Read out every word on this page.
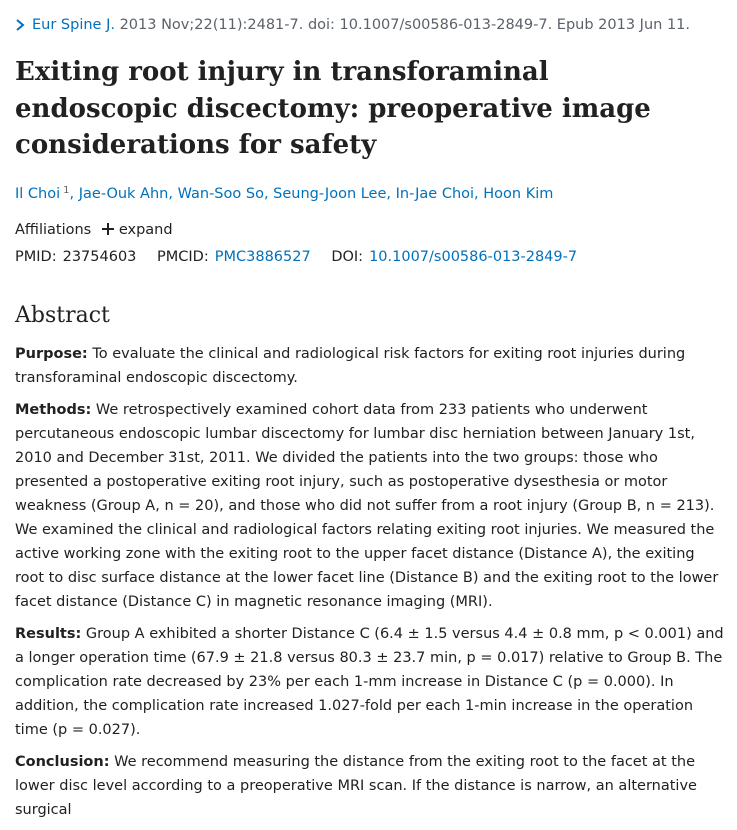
Eur Spine J. 2013 Nov;22(11):2481-7. doi: 10.1007/s00586-013-2849-7. Epub 2013 Jun 11.
Exiting root injury in transforaminal endoscopic discectomy: preoperative image considerations for safety
Il Choi $^1$, Jae-Ouk Ahn, Wan-Soo So, Seung-Joon Lee, In-Jae Choi, Hoon Kim
Affiliations expand
PMID: 23754603 PMCID: PMC3886527 DOI: 10.1007/s00586-013-2849-7
Abstract

Purpose: To evaluate the clinical and radiological risk factors for exiting root injuries during transforaminal endoscopic discectomy.

Methods: We retrospectively examined cohort data from 233 patients who underwent percutaneous endoscopic lumbar discectomy for lumbar disc herniation between January 1st, 2010 and December 31st, 2011. We divided the patients into the two groups: those who presented a postoperative exiting root injury, such as postoperative dysesthesia or motor weakness (Group A, n = 20), and those who did not suffer from a root injury (Group B, n = 213). We examined the clinical and radiological factors relating exiting root injuries. We measured the active working zone with the exiting root to the upper facet distance (Distance A), the exiting root to disc surface distance at the lower facet line (Distance B) and the exiting root to the lower facet distance (Distance C) in magnetic resonance imaging (MRI).

Results: Group A exhibited a shorter Distance C (6.4 ± 1.5 versus 4.4 ± 0.8 mm, p < 0.001) and a longer operation time (67.9 ± 21.8 versus 80.3 ± 23.7 min, p = 0.017) relative to Group B. The complication rate decreased by 23% per each 1-mm increase in Distance C (p = 0.000). In addition, the complication rate increased 1.027-fold per each 1-min increase in the operation time (p = 0.027).

Conclusion: We recommend measuring the distance from the exiting root to the facet at the lower disc level according to a preoperative MRI scan. If the distance is narrow, an alternative surgical
